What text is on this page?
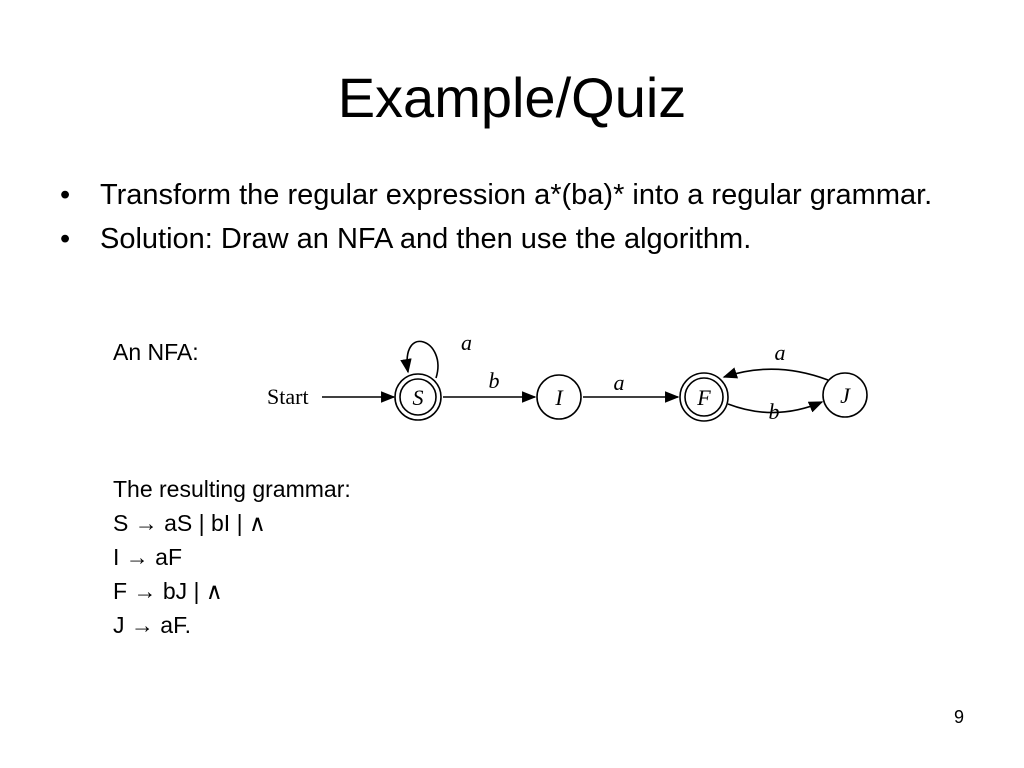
Example/Quiz
• Transform the regular expression a*(ba)* into a regular grammar.
• Solution: Draw an NFA and then use the algorithm.
An NFA:
Start	S
a
b
I
a
F
b
a
J
The resulting grammar:
S → aS | bI | ∧
I → aF
F → bJ | ∧
J → aF.
9
